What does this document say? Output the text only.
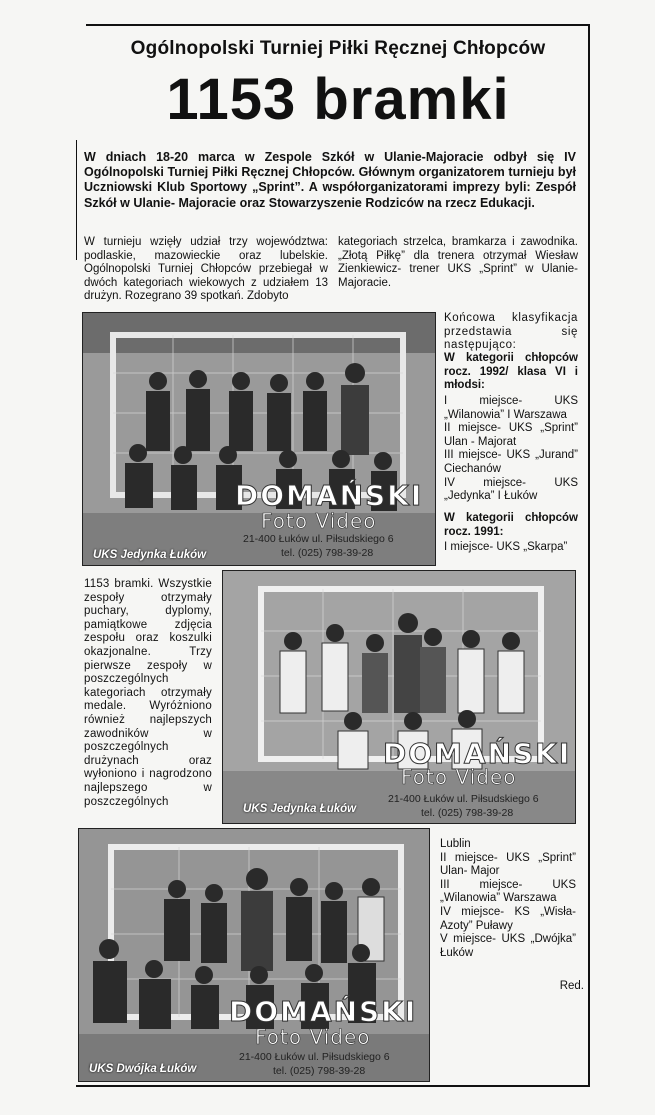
Ogólnopolski Turniej Piłki Ręcznej Chłopców
1153 bramki
W dniach 18-20 marca w Zespole Szkół w Ulanie-Majoracie odbył się IV Ogólnopolski Turniej Piłki Ręcznej Chłopców. Głównym organizatorem turnieju był Uczniowski Klub Sportowy „Sprint”. A współorganizatorami imprezy byli: Zespół Szkół w Ulanie- Majoracie oraz Stowarzyszenie Rodziców na rzecz Edukacji.
W turnieju wzięły udział trzy województwa: podlaskie, mazowieckie oraz lubelskie. Ogólnopolski Turniej Chłopców przebiegał w dwóch kategoriach wiekowych z udziałem 13 drużyn. Rozegrano 39 spotkań. Zdobyto
kategoriach strzelca, bramkarza i zawodnika. „Złotą Piłkę” dla trenera otrzymał Wiesław Zienkiewicz- trener UKS „Sprint” w Ulanie-Majoracie.
UKS Jedynka Łuków
DOMAŃSKI
Foto Video
21-400 Łuków ul. Piłsudskiego 6
tel. (025) 798-39-28
Końcowa klasyfikacja przedstawia się następująco:
W kategorii chłopców rocz. 1992/ klasa VI i młodsi:
I miejsce- UKS „Wilanowia” I Warszawa
II miejsce- UKS „Sprint” Ulan - Majorat
III miejsce- UKS „Jurand” Ciechanów
IV miejsce- UKS „Jedynka” I Łuków
W kategorii chłopców rocz. 1991:
I miejsce- UKS „Skarpa”
1153 bramki. Wszystkie zespoły otrzymały puchary, dyplomy, pamiątkowe zdjęcia zespołu oraz koszulki okazjonalne. Trzy pierwsze zespoły w poszczególnych kategoriach otrzymały medale. Wyróżniono również najlepszych zawodników w poszczególnych drużynach oraz wyłoniono i nagrodzono najlepszego w poszczególnych
UKS Jedynka Łuków
DOMAŃSKI
Foto Video
21-400 Łuków ul. Piłsudskiego 6
tel. (025) 798-39-28
UKS Dwójka Łuków
DOMAŃSKI
Foto Video
21-400 Łuków ul. Piłsudskiego 6
tel. (025) 798-39-28
Lublin
II miejsce- UKS „Sprint” Ulan- Major
III miejsce- UKS „Wilanowia” Warszawa
IV miejsce- KS „Wisła-Azoty” Puławy
V miejsce- UKS „Dwójka” Łuków
Red.
